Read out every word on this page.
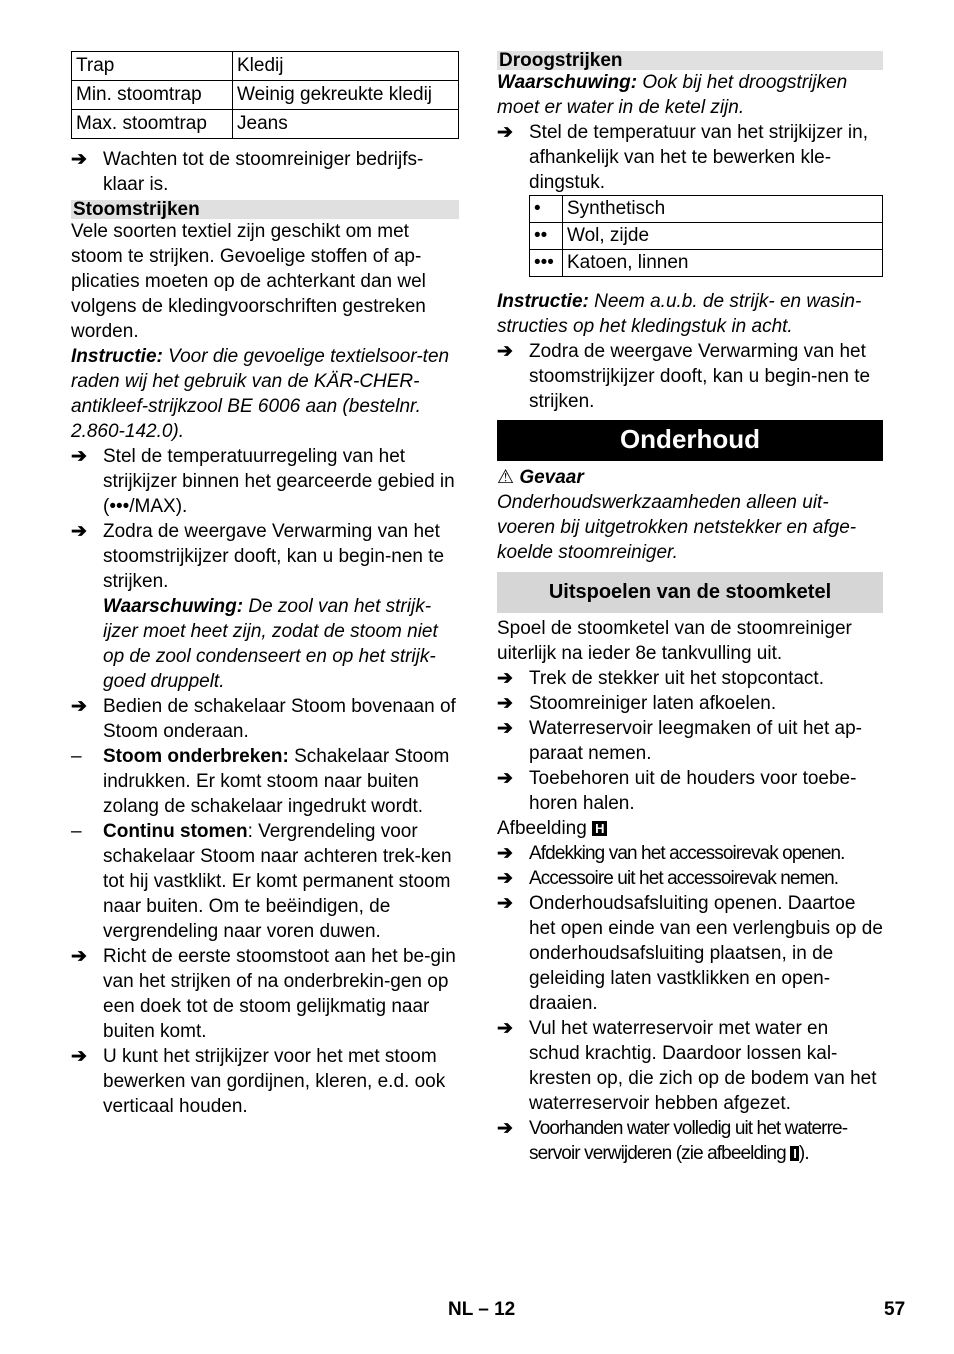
Trap	Kledij
Min. stoomtrap	Weinig gekreukte kledij
Max. stoomtrap	Jeans
➔ Wachten tot de stoomreiniger bedrijfs-klaar is.
Stoomstrijken
Vele soorten textiel zijn geschikt om met stoom te strijken. Gevoelige stoffen of ap-plicaties moeten op de achterkant dan wel volgens de kledingvoorschriften gestreken worden.
Instructie: Voor die gevoelige textielsoor-ten raden wij het gebruik van de KÄR-CHER-antikleef-strijkzool BE 6006 aan (bestelnr. 2.860-142.0).
➔ Stel de temperatuurregeling van het strijkijzer binnen het gearceerde gebied in (•••/MAX).
➔ Zodra de weergave Verwarming van het stoomstrijkijzer dooft, kan u begin-nen te strijken.
Waarschuwing: De zool van het strijk-ijzer moet heet zijn, zodat de stoom niet op de zool condenseert en op het strijk-goed druppelt.
➔ Bedien de schakelaar Stoom bovenaan of Stoom onderaan.
– Stoom onderbreken: Schakelaar Stoom indrukken. Er komt stoom naar buiten zolang de schakelaar ingedrukt wordt.
– Continu stomen: Vergrendeling voor schakelaar Stoom naar achteren trek-ken tot hij vastklikt. Er komt permanent stoom naar buiten. Om te beëindigen, de vergrendeling naar voren duwen.
➔ Richt de eerste stoomstoot aan het be-gin van het strijken of na onderbrekin-gen op een doek tot de stoom gelijkmatig naar buiten komt.
➔ U kunt het strijkijzer voor het met stoom bewerken van gordijnen, kleren, e.d. ook verticaal houden.
Droogstrijken
Waarschuwing: Ook bij het droogstrijken moet er water in de ketel zijn.
➔ Stel de temperatuur van het strijkijzer in, afhankelijk van het te bewerken kle-dingstuk.
•	Synthetisch
••	Wol, zijde
•••	Katoen, linnen
Instructie: Neem a.u.b. de strijk- en wasin-structies op het kledingstuk in acht.
➔ Zodra de weergave Verwarming van het stoomstrijkijzer dooft, kan u begin-nen te strijken.
Onderhoud
⚠ Gevaar
Onderhoudswerkzaamheden alleen uit-voeren bij uitgetrokken netstekker en afge-koelde stoomreiniger.
Uitspoelen van de stoomketel
Spoel de stoomketel van de stoomreiniger uiterlijk na ieder 8e tankvulling uit.
➔ Trek de stekker uit het stopcontact.
➔ Stoomreiniger laten afkoelen.
➔ Waterreservoir leegmaken of uit het ap-paraat nemen.
➔ Toebehoren uit de houders voor toebe-horen halen.
Afbeelding H
➔ Afdekking van het accessoirevak openen.
➔ Accessoire uit het accessoirevak nemen.
➔ Onderhoudsafsluiting openen. Daartoe het open einde van een verlengbuis op de onderhoudsafsluiting plaatsen, in de geleiding laten vastklikken en open-draaien.
➔ Vul het waterreservoir met water en schud krachtig. Daardoor lossen kal-kresten op, die zich op de bodem van het waterreservoir hebben afgezet.
➔ Voorhanden water volledig uit het waterre-servoir verwijderen (zie afbeelding I ).
NL – 12	57
